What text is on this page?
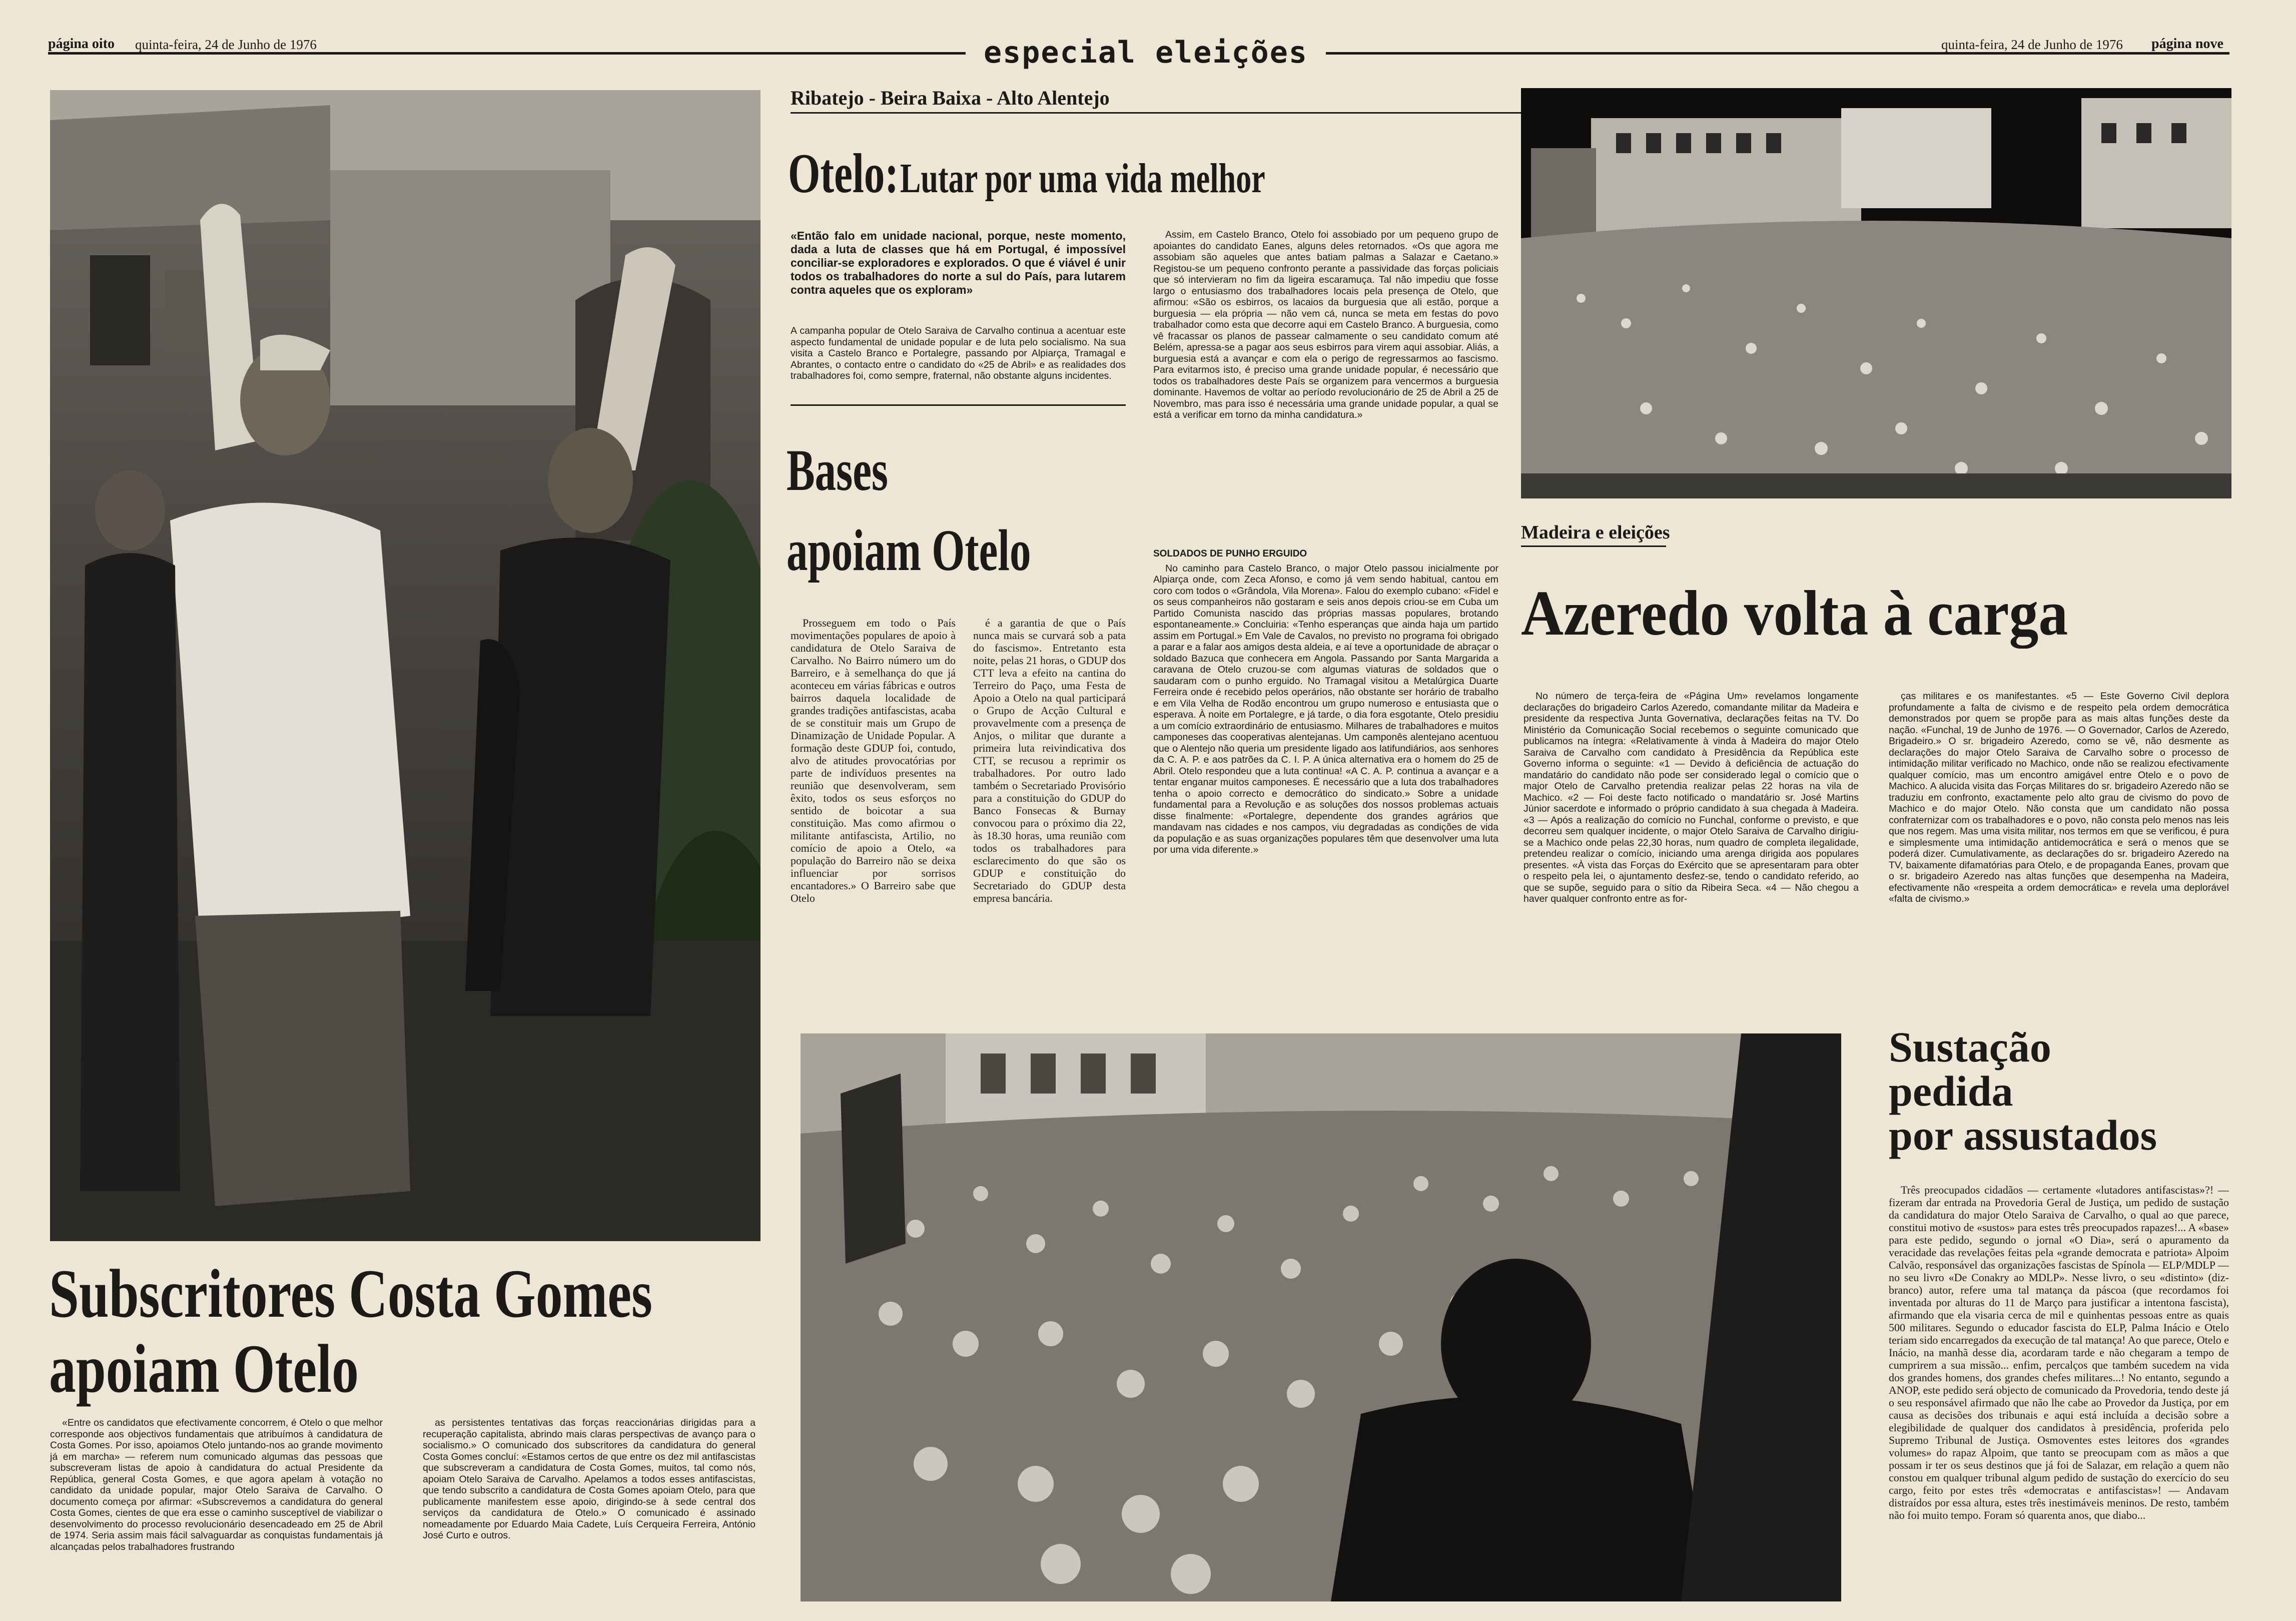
página oito quinta-feira, 24 de Junho de 1976	especial eleições	quinta-feira, 24 de Junho de 1976 página nove
Ribatejo - Beira Baixa - Alto Alentejo
Otelo: Lutar por uma vida melhor

«Então falo em unidade nacional, porque, neste momento, dada a luta de classes que há em Portugal, é impossível conciliar-se exploradores e explorados. O que é viável é unir todos os trabalhadores do norte a sul do País, para lutarem contra aqueles que os exploram»

A campanha popular de Otelo Saraiva de Carvalho continua a acentuar este aspecto fundamental de unidade popular e de luta pelo socialismo. Na sua visita a Castelo Branco e Portalegre, passando por Alpiarça, Tramagal e Abrantes, o contacto entre o candidato do «25 de Abril» e as realidades dos trabalhadores foi, como sempre, fraternal, não obstante alguns incidentes.

Assim, em Castelo Branco, Otelo foi assobiado por um pequeno grupo de apoiantes do candidato Eanes, alguns deles retornados. «Os que agora me assobiam são aqueles que antes batiam palmas a Salazar e Caetano.» Registou-se um pequeno confronto perante a passividade das forças policiais que só intervieram no fim da ligeira escaramuça. Tal não impediu que fosse largo o entusiasmo dos trabalhadores locais pela presença de Otelo, que afirmou: «São os esbirros, os lacaios da burguesia que ali estão, porque a burguesia — ela própria — não vem cá, nunca se meta em festas do povo trabalhador como esta que decorre aqui em Castelo Branco. A burguesia, como vê fracassar os planos de passear calmamente o seu candidato comum até Belém, apressa-se a pagar aos seus esbirros para virem aqui assobiar. Aliás, a burguesia está a avançar e com ela o perigo de regressarmos ao fascismo. Para evitarmos isto, é preciso uma grande unidade popular, é necessário que todos os trabalhadores deste País se organizem para vencermos a burguesia dominante. Havemos de voltar ao período revolucionário de 25 de Abril a 25 de Novembro, mas para isso é necessária uma grande unidade popular, a qual se está a verificar em torno da minha candidatura.»

SOLDADOS DE PUNHO ERGUIDO

No caminho para Castelo Branco, o major Otelo passou inicialmente por Alpiarça onde, com Zeca Afonso, e como já vem sendo habitual, cantou em coro com todos o «Grândola, Vila Morena». Falou do exemplo cubano: «Fidel e os seus companheiros não gostaram e seis anos depois criou-se em Cuba um Partido Comunista nascido das próprias massas populares, brotando espontaneamente.» Concluiria: «Tenho esperanças que ainda haja um partido assim em Portugal.» Em Vale de Cavalos, no previsto no programa foi obrigado a parar e a falar aos amigos desta aldeia, e aí teve a oportunidade de abraçar o soldado Bazuca que conhecera em Angola. Passando por Santa Margarida a caravana de Otelo cruzou-se com algumas viaturas de soldados que o saudaram com o punho erguido. No Tramagal visitou a Metalúrgica Duarte Ferreira onde é recebido pelos operários, não obstante ser horário de trabalho e em Vila Velha de Rodão encontrou um grupo numeroso e entusiasta que o esperava. À noite em Portalegre, e já tarde, o dia fora esgotante, Otelo presidiu a um comício extraordinário de entusiasmo. Milhares de trabalhadores e muitos camponeses das cooperativas alentejanas. Um camponês alentejano acentuou que o Alentejo não queria um presidente ligado aos latifundiários, aos senhores da C. A. P. e aos patrões da C. I. P. A única alternativa era o homem do 25 de Abril. Otelo respondeu que a luta continua! «A C. A. P. continua a avançar e a tentar enganar muitos camponeses. É necessário que a luta dos trabalhadores tenha o apoio correcto e democrático do sindicato.» Sobre a unidade fundamental para a Revolução e as soluções dos nossos problemas actuais disse finalmente: «Portalegre, dependente dos grandes agrários que mandavam nas cidades e nos campos, viu degradadas as condições de vida da população e as suas organizações populares têm que desenvolver uma luta por uma vida diferente.»

Bases
apoiam Otelo

Prosseguem em todo o País movimentações populares de apoio à candidatura de Otelo Saraiva de Carvalho. No Bairro número um do Barreiro, e à semelhança do que já aconteceu em várias fábricas e outros bairros daquela localidade de grandes tradições antifascistas, acaba de se constituir mais um Grupo de Dinamização de Unidade Popular. A formação deste GDUP foi, contudo, alvo de atitudes provocatórias por parte de indivíduos presentes na reunião que desenvolveram, sem êxito, todos os seus esforços no sentido de boicotar a sua constituição. Mas como afirmou o militante antifascista, Artilio, no comício de apoio a Otelo, «a população do Barreiro não se deixa influenciar por sorrisos encantadores.» O Barreiro sabe que Otelo

é a garantia de que o País nunca mais se curvará sob a pata do fascismo». Entretanto esta noite, pelas 21 horas, o GDUP dos CTT leva a efeito na cantina do Terreiro do Paço, uma Festa de Apoio a Otelo na qual participará o Grupo de Acção Cultural e provavelmente com a presença de Anjos, o militar que durante a primeira luta reivindicativa dos CTT, se recusou a reprimir os trabalhadores. Por outro lado também o Secretariado Provisório para a constituição do GDUP do Banco Fonsecas & Burnay convocou para o próximo dia 22, às 18.30 horas, uma reunião com todos os trabalhadores para esclarecimento do que são os GDUP e constituição do Secretariado do GDUP desta empresa bancária.

Subscritores Costa Gomes
apoiam Otelo

«Entre os candidatos que efectivamente concorrem, é Otelo o que melhor corresponde aos objectivos fundamentais que atribuímos à candidatura de Costa Gomes. Por isso, apoiamos Otelo juntando-nos ao grande movimento já em marcha» — referem num comunicado algumas das pessoas que subscreveram listas de apoio à candidatura do actual Presidente da República, general Costa Gomes, e que agora apelam à votação no candidato da unidade popular, major Otelo Saraiva de Carvalho. O documento começa por afirmar: «Subscrevemos a candidatura do general Costa Gomes, cientes de que era esse o caminho susceptível de viabilizar o desenvolvimento do processo revolucionário desencadeado em 25 de Abril de 1974. Seria assim mais fácil salvaguardar as conquistas fundamentais já alcançadas pelos trabalhadores frustrando

as persistentes tentativas das forças reaccionárias dirigidas para a recuperação capitalista, abrindo mais claras perspectivas de avanço para o socialismo.» O comunicado dos subscritores da candidatura do general Costa Gomes concluí: «Estamos certos de que entre os dez mil antifascistas que subscreveram a candidatura de Costa Gomes, muitos, tal como nós, apoiam Otelo Saraiva de Carvalho. Apelamos a todos esses antifascistas, que tendo subscrito a candidatura de Costa Gomes apoiam Otelo, para que publicamente manifestem esse apoio, dirigindo-se à sede central dos serviços da candidatura de Otelo.» O comunicado é assinado nomeadamente por Eduardo Maia Cadete, Luís Cerqueira Ferreira, António José Curto e outros.

Madeira e eleições
Azeredo volta à carga

No número de terça-feira de «Página Um» revelamos longamente declarações do brigadeiro Carlos Azeredo, comandante militar da Madeira e presidente da respectiva Junta Governativa, declarações feitas na TV. Do Ministério da Comunicação Social recebemos o seguinte comunicado que publicamos na íntegra: «Relativamente à vinda à Madeira do major Otelo Saraiva de Carvalho com candidato à Presidência da República este Governo informa o seguinte: «1 — Devido à deficiência de actuação do mandatário do candidato não pode ser considerado legal o comício que o major Otelo de Carvalho pretendia realizar pelas 22 horas na vila de Machico. «2 — Foi deste facto notificado o mandatário sr. José Martins Júnior sacerdote e informado o próprio candidato à sua chegada à Madeira. «3 — Após a realização do comício no Funchal, conforme o previsto, e que decorreu sem qualquer incidente, o major Otelo Saraiva de Carvalho dirigiu-se a Machico onde pelas 22,30 horas, num quadro de completa ilegalidade, pretendeu realizar o comício, iniciando uma arenga dirigida aos populares presentes. «À vista das Forças do Exército que se apresentaram para obter o respeito pela lei, o ajuntamento desfez-se, tendo o candidato referido, ao que se supõe, seguido para o sítio da Ribeira Seca. «4 — Não chegou a haver qualquer confronto entre as for-

ças militares e os manifestantes. «5 — Este Governo Civil deplora profundamente a falta de civismo e de respeito pela ordem democrática demonstrados por quem se propõe para as mais altas funções deste da nação. «Funchal, 19 de Junho de 1976. — O Governador, Carlos de Azeredo, Brigadeiro.» O sr. brigadeiro Azeredo, como se vê, não desmente as declarações do major Otelo Saraiva de Carvalho sobre o processo de intimidação militar verificado no Machico, onde não se realizou efectivamente qualquer comício, mas um encontro amigável entre Otelo e o povo de Machico. A alucida visita das Forças Militares do sr. brigadeiro Azeredo não se traduziu em confronto, exactamente pelo alto grau de civismo do povo de Machico e do major Otelo. Não consta que um candidato não possa confraternizar com os trabalhadores e o povo, não consta pelo menos nas leis que nos regem. Mas uma visita militar, nos termos em que se verificou, é pura e simplesmente uma intimidação antidemocrática e será o menos que se poderá dizer. Cumulativamente, as declarações do sr. brigadeiro Azeredo na TV, baixamente difamatórias para Otelo, e de propaganda Eanes, provam que o sr. brigadeiro Azeredo nas altas funções que desempenha na Madeira, efectivamente não «respeita a ordem democrática» e revela uma deplorável «falta de civismo.»

Sustação
pedida
por assustados

Três preocupados cidadãos — certamente «lutadores antifascistas»?! — fizeram dar entrada na Provedoria Geral de Justiça, um pedido de sustação da candidatura do major Otelo Saraiva de Carvalho, o qual ao que parece, constitui motivo de «sustos» para estes três preocupados rapazes!... A «base» para este pedido, segundo o jornal «O Dia», será o apuramento da veracidade das revelações feitas pela «grande democrata e patriota» Alpoim Calvão, responsável das organizações fascistas de Spínola — ELP/MDLP — no seu livro «De Conakry ao MDLP». Nesse livro, o seu «distinto» (diz-branco) autor, refere uma tal matança da páscoa (que recordamos foi inventada por alturas do 11 de Março para justificar a intentona fascista), afirmando que ela visaria cerca de mil e quinhentas pessoas entre as quais 500 militares. Segundo o educador fascista do ELP, Palma Inácio e Otelo teriam sido encarregados da execução de tal matança! Ao que parece, Otelo e Inácio, na manhã desse dia, acordaram tarde e não chegaram a tempo de cumprirem a sua missão... enfim, percalços que também sucedem na vida dos grandes homens, dos grandes chefes militares...! No entanto, segundo a ANOP, este pedido será objecto de comunicado da Provedoria, tendo deste já o seu responsável afirmado que não lhe cabe ao Provedor da Justiça, por em causa as decisões dos tribunais e aqui está incluída a decisão sobre a elegibilidade de qualquer dos candidatos à presidência, proferida pelo Supremo Tribunal de Justiça. Osmoventes estes leitores dos «grandes volumes» do rapaz Alpoim, que tanto se preocupam com as mãos a que possam ir ter os seus destinos que já foi de Salazar, em relação a quem não constou em qualquer tribunal algum pedido de sustação do exercício do seu cargo, feito por estes três «democratas e antifascistas»! — Andavam distraídos por essa altura, estes três inestimáveis meninos. De resto, também não foi muito tempo. Foram só quarenta anos, que diabo...
